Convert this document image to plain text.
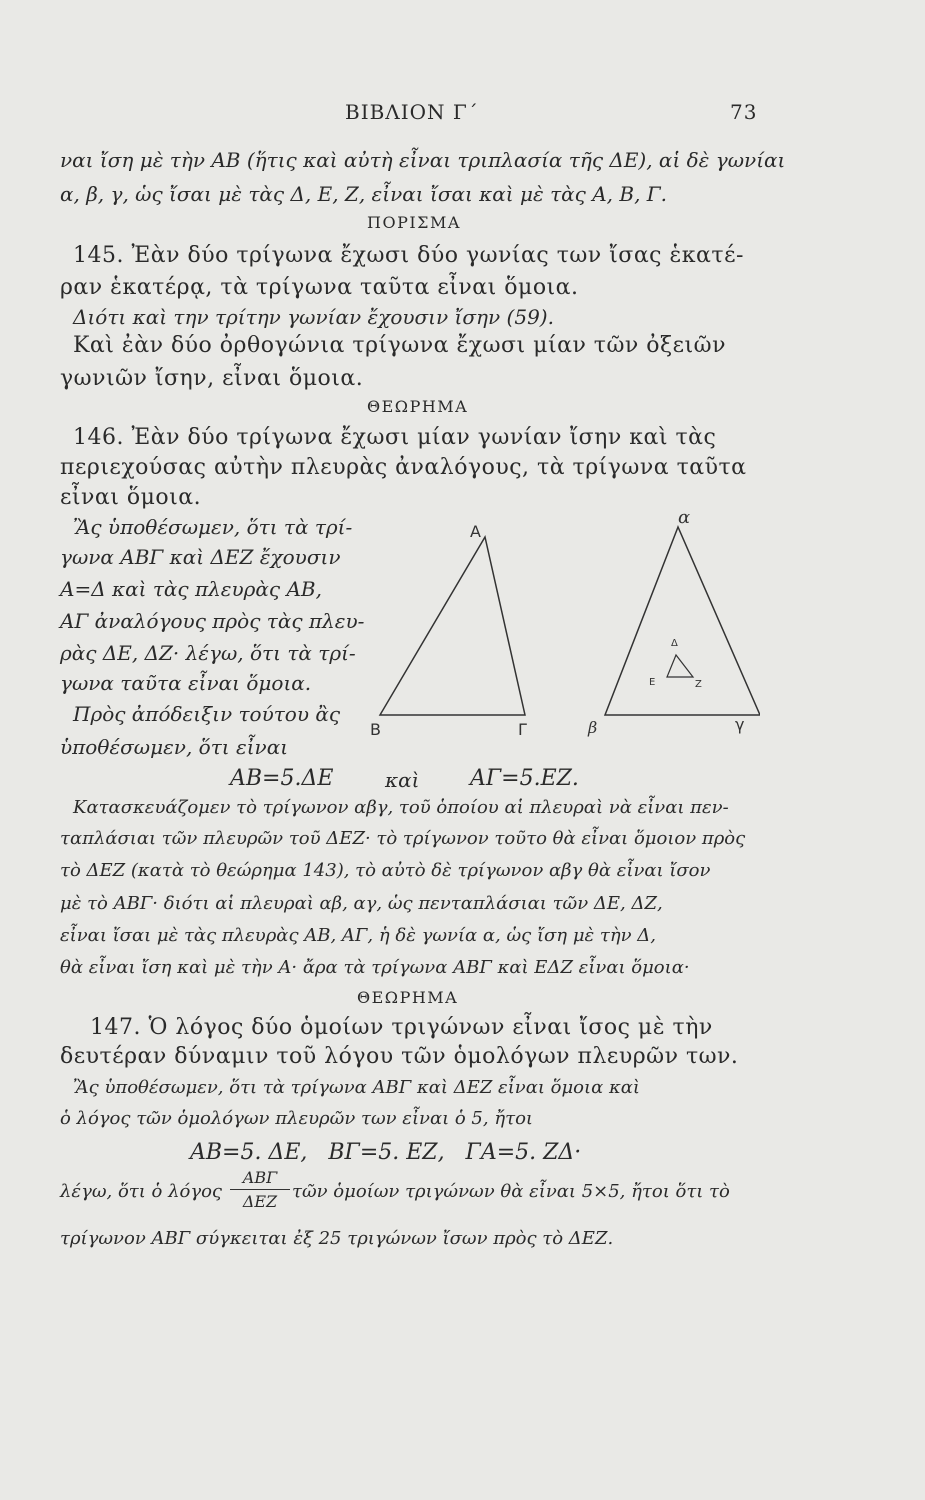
ΒΙΒΛΙΟΝ Γ΄	73
ναι ἴση μὲ τὴν ΑΒ (ἥτις καὶ αὐτὴ εἶναι τριπλασία τῆς ΔΕ), αἱ δὲ γωνίαι
α, β, γ, ὡς ἴσαι μὲ τὰς Δ, Ε, Ζ, εἶναι ἴσαι καὶ μὲ τὰς Α, Β, Γ.
ΠΟΡΙΣΜΑ
145. Ἐὰν δύο τρίγωνα ἔχωσι δύο γωνίας των ἴσας ἑκατέ-
ραν ἑκατέρᾳ, τὰ τρίγωνα ταῦτα εἶναι ὅμοια.
Διότι καὶ την τρίτην γωνίαν ἔχουσιν ἴσην (59).
Καὶ ἐὰν δύο ὀρθογώνια τρίγωνα ἔχωσι μίαν τῶν ὀξειῶν
γωνιῶν ἴσην, εἶναι ὅμοια.
ΘΕΩΡΗΜΑ
146. Ἐὰν δύο τρίγωνα ἔχωσι μίαν γωνίαν ἴσην καὶ τὰς
περιεχούσας αὐτὴν πλευρὰς ἀναλόγους, τὰ τρίγωνα ταῦτα
εἶναι ὅμοια.
Ἂς ὑποθέσωμεν, ὅτι τὰ τρί-
γωνα ΑΒΓ καὶ ΔΕΖ ἔχουσιν
Α=Δ καὶ τὰς πλευρὰς ΑΒ,
ΑΓ ἀναλόγους πρὸς τὰς πλευ-
ρὰς ΔΕ, ΔΖ· λέγω, ὅτι τὰ τρί-
γωνα ταῦτα εἶναι ὅμοια.
Πρὸς ἀπόδειξιν τούτου ἂς
ὑποθέσωμεν, ὅτι εἶναι
Α
Β	Γ
α
β	γ
Δ
Ε	Ζ
ΑΒ=5.ΔΕ	καὶ ΑΓ=5.ΕΖ.
Κατασκευάζομεν τὸ τρίγωνον αβγ, τοῦ ὁποίου αἱ πλευραὶ νὰ εἶναι πεν-
ταπλάσιαι τῶν πλευρῶν τοῦ ΔΕΖ· τὸ τρίγωνον τοῦτο θὰ εἶναι ὅμοιον πρὸς
τὸ ΔΕΖ (κατὰ τὸ θεώρημα 143), τὸ αὐτὸ δὲ τρίγωνον αβγ θὰ εἶναι ἴσον
μὲ τὸ ΑΒΓ· διότι αἱ πλευραὶ αβ, αγ, ὡς πενταπλάσιαι τῶν ΔΕ, ΔΖ,
εἶναι ἴσαι μὲ τὰς πλευρὰς ΑΒ, ΑΓ, ἡ δὲ γωνία α, ὡς ἴση μὲ τὴν Δ,
θὰ εἶναι ἴση καὶ μὲ τὴν Α· ἄρα τὰ τρίγωνα ΑΒΓ καὶ ΕΔΖ εἶναι ὅμοια·
ΘΕΩΡΗΜΑ
147. Ὁ λόγος δύο ὁμοίων τριγώνων εἶναι ἴσος μὲ τὴν
δευτέραν δύναμιν τοῦ λόγου τῶν ὁμολόγων πλευρῶν των.
Ἂς ὑποθέσωμεν, ὅτι τὰ τρίγωνα ΑΒΓ καὶ ΔΕΖ εἶναι ὅμοια καὶ
ὁ λόγος τῶν ὁμολόγων πλευρῶν των εἶναι ὁ 5, ἤτοι
ΑΒ=5. ΔΕ,   ΒΓ=5. ΕΖ,   ΓΑ=5. ΖΔ·
λέγω, ὅτι ὁ λόγος
ΑΒΓ
ΔΕΖ τῶν ὁμοίων τριγώνων θὰ εἶναι 5×5, ἤτοι ὅτι τὸ
τρίγωνον ΑΒΓ σύγκειται ἐξ 25 τριγώνων ἴσων πρὸς τὸ ΔΕΖ.
